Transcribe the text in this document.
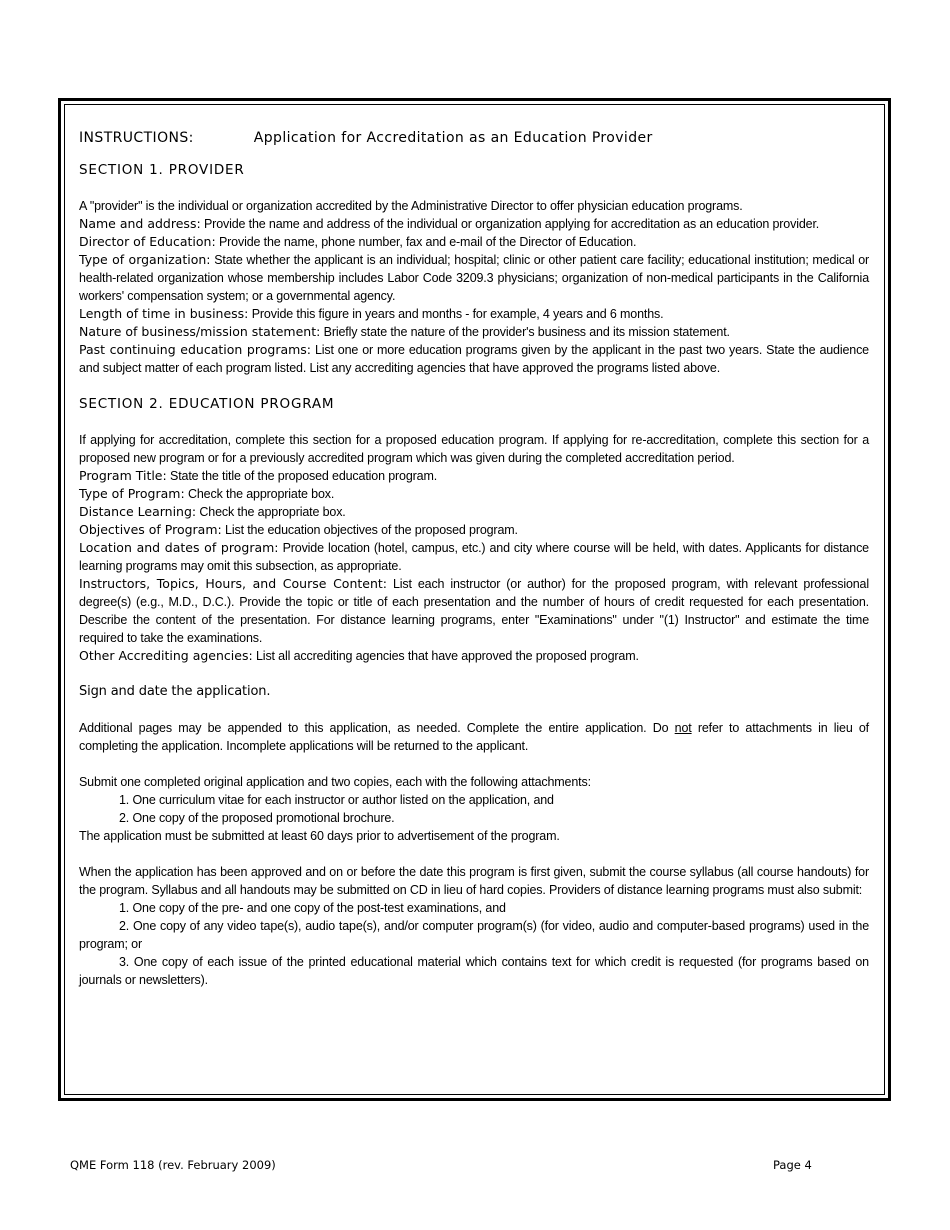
INSTRUCTIONS:	Application for Accreditation as an Education Provider
SECTION 1. PROVIDER

A "provider" is the individual or organization accredited by the Administrative Director to offer physician education programs.

Name and address: Provide the name and address of the individual or organization applying for accreditation as an education provider.

Director of Education: Provide the name, phone number, fax and e-mail of the Director of Education.

Type of organization: State whether the applicant is an individual; hospital; clinic or other patient care facility; educational institution; medical or health-related organization whose membership includes Labor Code 3209.3 physicians; organization of non-medical participants in the California workers' compensation system; or a governmental agency.

Length of time in business: Provide this figure in years and months - for example, 4 years and 6 months.

Nature of business/mission statement: Briefly state the nature of the provider's business and its mission statement.

Past continuing education programs: List one or more education programs given by the applicant in the past two years. State the audience and subject matter of each program listed. List any accrediting agencies that have approved the programs listed above.

SECTION 2. EDUCATION PROGRAM

If applying for accreditation, complete this section for a proposed education program. If applying for re-accreditation, complete this section for a proposed new program or for a previously accredited program which was given during the completed accreditation period.

Program Title: State the title of the proposed education program.

Type of Program: Check the appropriate box.

Distance Learning: Check the appropriate box.

Objectives of Program: List the education objectives of the proposed program.

Location and dates of program: Provide location (hotel, campus, etc.) and city where course will be held, with dates. Applicants for distance learning programs may omit this subsection, as appropriate.

Instructors, Topics, Hours, and Course Content: List each instructor (or author) for the proposed program, with relevant professional degree(s) (e.g., M.D., D.C.). Provide the topic or title of each presentation and the number of hours of credit requested for each presentation. Describe the content of the presentation. For distance learning programs, enter "Examinations" under "(1) Instructor" and estimate the time required to take the examinations.

Other Accrediting agencies: List all accrediting agencies that have approved the proposed program.

Sign and date the application.

Additional pages may be appended to this application, as needed. Complete the entire application. Do not refer to attachments in lieu of completing the application. Incomplete applications will be returned to the applicant.

Submit one completed original application and two copies, each with the following attachments:

1. One curriculum vitae for each instructor or author listed on the application, and

2. One copy of the proposed promotional brochure.

The application must be submitted at least 60 days prior to advertisement of the program.

When the application has been approved and on or before the date this program is first given, submit the course syllabus (all course handouts) for the program. Syllabus and all handouts may be submitted on CD in lieu of hard copies. Providers of distance learning programs must also submit:

1. One copy of the pre- and one copy of the post-test examinations, and

2. One copy of any video tape(s), audio tape(s), and/or computer program(s) (for video, audio and computer-based programs) used in the program; or

3. One copy of each issue of the printed educational material which contains text for which credit is requested (for programs based on journals or newsletters).

QME Form 118 (rev. February 2009)	Page 4
